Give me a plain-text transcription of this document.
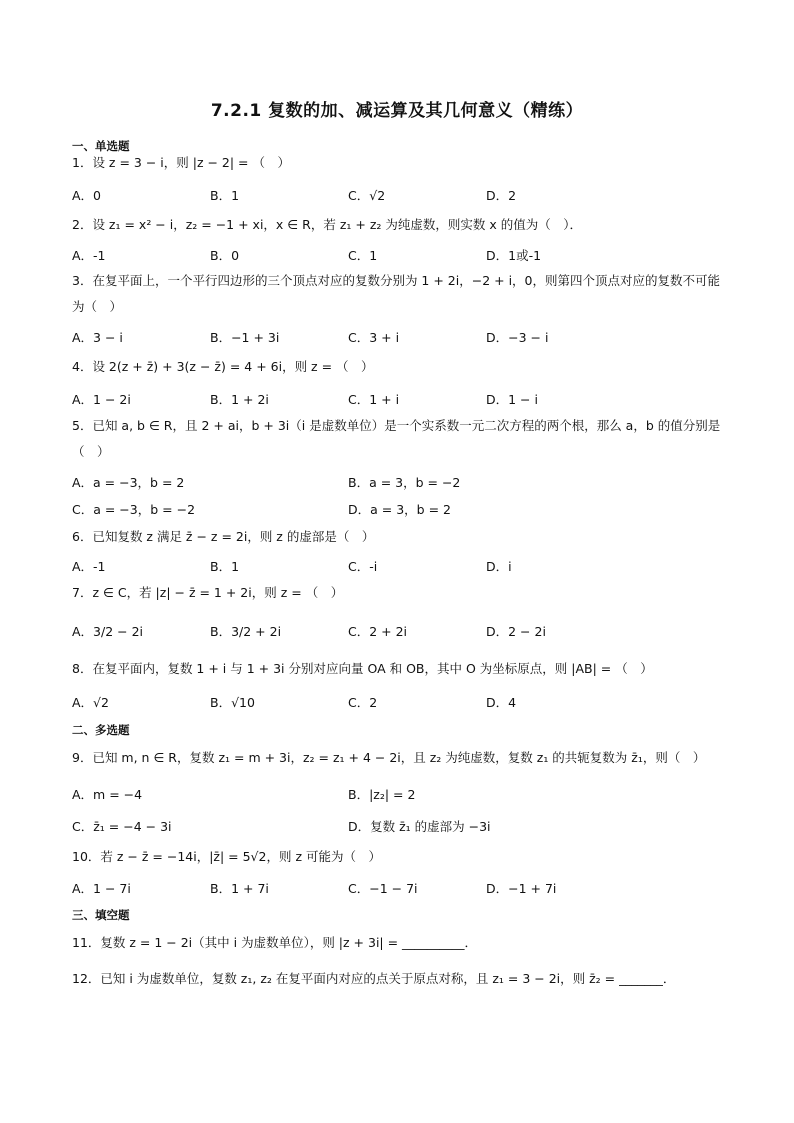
7.2.1 复数的加、减运算及其几何意义（精练）
一、单选题
1．设 z = 3 − i，则 |z − 2| = （　）
A．0	B．1	C．√2	D．2
2．设 z₁ = x² − i，z₂ = −1 + xi，x ∈ R，若 z₁ + z₂ 为纯虚数，则实数 x 的值为（　）．
A．-1	B．0	C．1	D．1或-1
3．在复平面上，一个平行四边形的三个顶点对应的复数分别为 1 + 2i，−2 + i，0，则第四个顶点对应的复数不可能为（　）
A．3 − i	B．−1 + 3i	C．3 + i	D．−3 − i
4．设 2(z + z̄) + 3(z − z̄) = 4 + 6i，则 z = （　）
A．1 − 2i	B．1 + 2i	C．1 + i	D．1 − i
5．已知 a, b ∈ R，且 2 + ai，b + 3i（i 是虚数单位）是一个实系数一元二次方程的两个根，那么 a，b 的值分别是（　）
A．a = −3，b = 2	B．a = 3，b = −2
C．a = −3，b = −2	D．a = 3，b = 2
6．已知复数 z 满足 z̄ − z = 2i，则 z 的虚部是（　）
A．-1	B．1	C．-i	D．i
7．z ∈ C，若 |z| − z̄ = 1 + 2i，则 z = （　）
A．3/2 − 2i	B．3/2 + 2i	C．2 + 2i	D．2 − 2i
8．在复平面内，复数 1 + i 与 1 + 3i 分别对应向量 OA 和 OB，其中 O 为坐标原点，则 |AB| = （　）
A．√2	B．√10	C．2	D．4
二、多选题
9．已知 m, n ∈ R，复数 z₁ = m + 3i，z₂ = z₁ + 4 − 2i，且 z₂ 为纯虚数，复数 z₁ 的共轭复数为 z̄₁，则（　）
A．m = −4	B．|z₂| = 2
C．z̄₁ = −4 − 3i	D．复数 z̄₁ 的虚部为 −3i
10．若 z − z̄ = −14i，|z̄| = 5√2，则 z 可能为（　）
A．1 − 7i	B．1 + 7i	C．−1 − 7i	D．−1 + 7i
三、填空题
11．复数 z = 1 − 2i（其中 i 为虚数单位），则 |z + 3i| = __________．
12．已知 i 为虚数单位，复数 z₁, z₂ 在复平面内对应的点关于原点对称，且 z₁ = 3 − 2i，则 z̄₂ = _______．
